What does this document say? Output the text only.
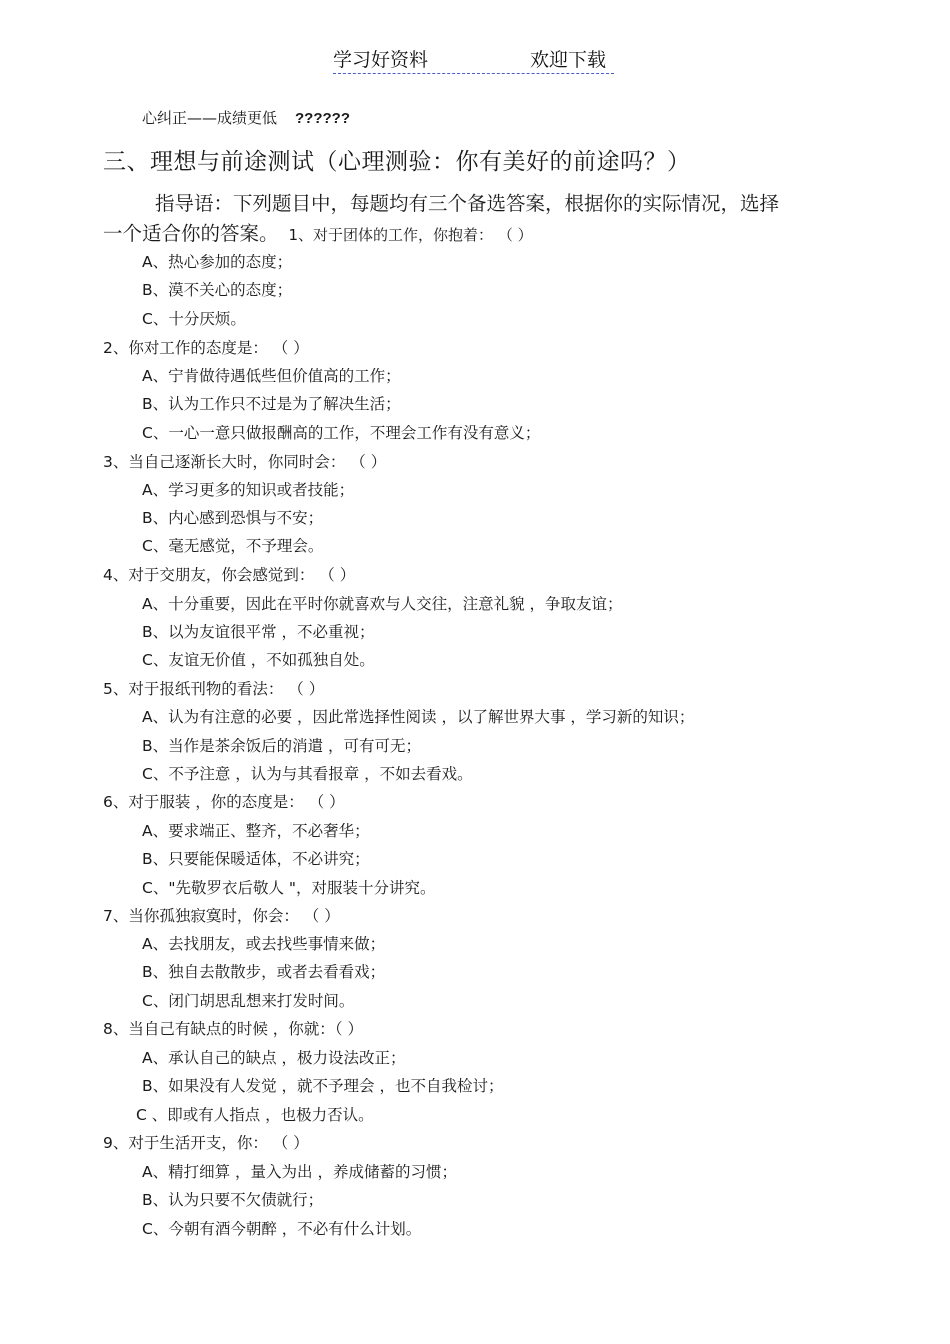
学习好资料	欢迎下载
心纠正——成绩更低 ??????
三、理想与前途测试（心理测验：你有美好的前途吗？）
指导语：下列题目中，每题均有三个备选答案，根据你的实际情况，选择
一个适合你的答案。 1、对于团体的工作，你抱着： （ ）
A、热心参加的态度；
B、漠不关心的态度；
C、十分厌烦。
2、你对工作的态度是： （ ）
A、宁肯做待遇低些但价值高的工作；
B、认为工作只不过是为了解决生活；
C、一心一意只做报酬高的工作，不理会工作有没有意义；
3、当自己逐渐长大时，你同时会： （ ）
A、学习更多的知识或者技能；
B、内心感到恐惧与不安；
C、毫无感觉，不予理会。
4、对于交朋友，你会感觉到： （ ）
A、十分重要，因此在平时你就喜欢与人交往，注意礼貌 ，争取友谊；
B、以为友谊很平常 ，不必重视；
C、友谊无价值 ，不如孤独自处。
5、对于报纸刊物的看法： （ ）
A、认为有注意的必要 ，因此常选择性阅读 ，以了解世界大事 ，学习新的知识；
B、当作是茶余饭后的消遣 ，可有可无；
C、不予注意 ，认为与其看报章 ，不如去看戏。
6、对于服装 ，你的态度是： （ ）
A、要求端正、整齐，不必奢华；
B、只要能保暖适体，不必讲究；
C、"先敬罗衣后敬人 "，对服装十分讲究。
7、当你孤独寂寞时，你会： （ ）
A、去找朋友，或去找些事情来做；
B、独自去散散步，或者去看看戏；
C、闭门胡思乱想来打发时间。
8、当自己有缺点的时候 ，你就：（ ）
A、承认自己的缺点 ，极力设法改正；
B、如果没有人发觉 ，就不予理会 ，也不自我检讨；
C 、即或有人指点 ，也极力否认。
9、对于生活开支，你： （ ）
A、精打细算 ，量入为出 ，养成储蓄的习惯；
B、认为只要不欠债就行；
C、今朝有酒今朝醉 ，不必有什么计划。
